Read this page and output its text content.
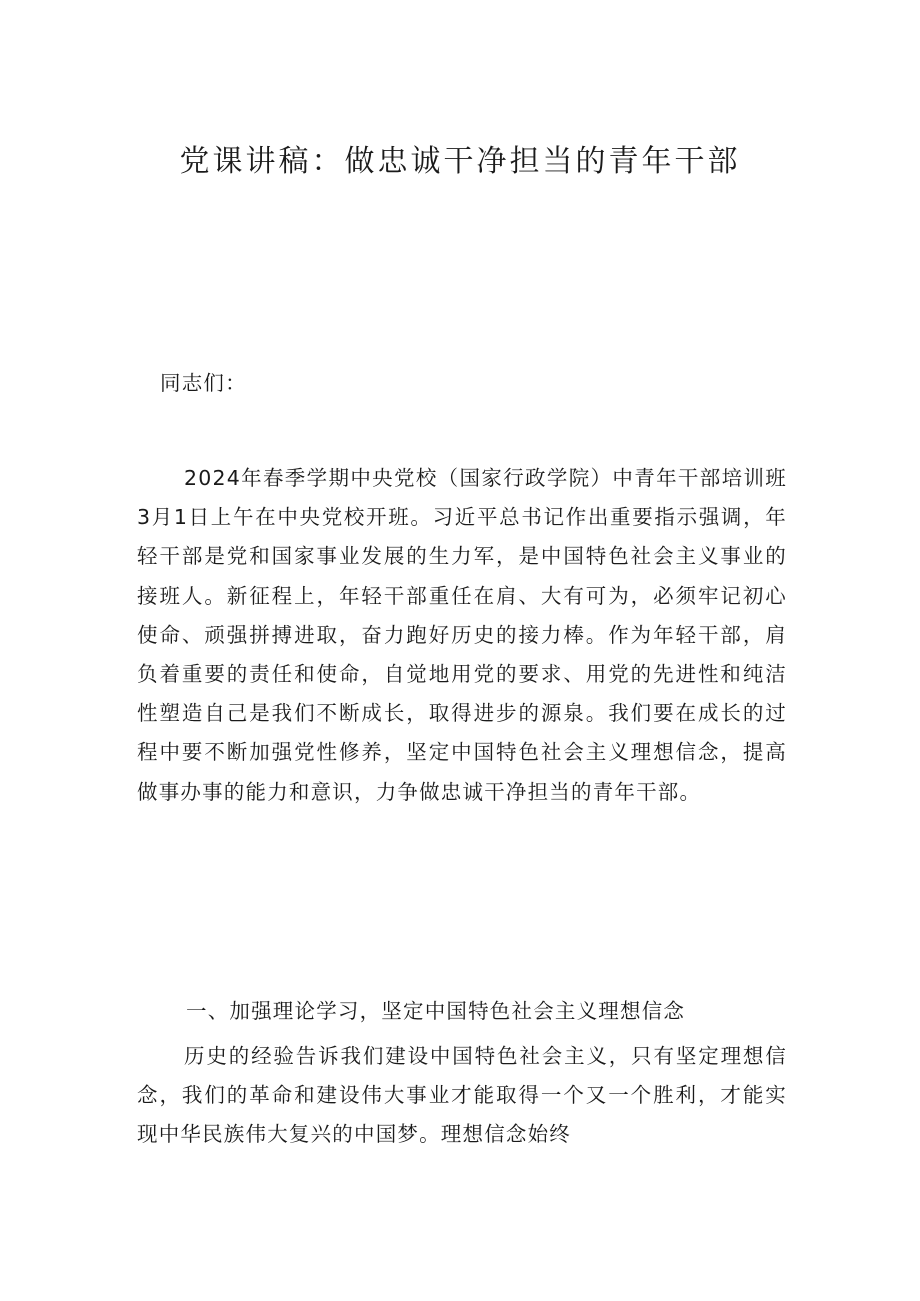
党课讲稿：做忠诚干净担当的青年干部

同志们：

2024年春季学期中央党校（国家行政学院）中青年干部培训班3月1日上午在中央党校开班。习近平总书记作出重要指示强调，年轻干部是党和国家事业发展的生力军，是中国特色社会主义事业的接班人。新征程上，年轻干部重任在肩、大有可为，必须牢记初心使命、顽强拼搏进取，奋力跑好历史的接力棒。作为年轻干部，肩负着重要的责任和使命，自觉地用党的要求、用党的先进性和纯洁性塑造自己是我们不断成长，取得进步的源泉。我们要在成长的过程中要不断加强党性修养，坚定中国特色社会主义理想信念，提高做事办事的能力和意识，力争做忠诚干净担当的青年干部。

一、加强理论学习，坚定中国特色社会主义理想信念

历史的经验告诉我们建设中国特色社会主义，只有坚定理想信念，我们的革命和建设伟大事业才能取得一个又一个胜利，才能实现中华民族伟大复兴的中国梦。理想信念始终
